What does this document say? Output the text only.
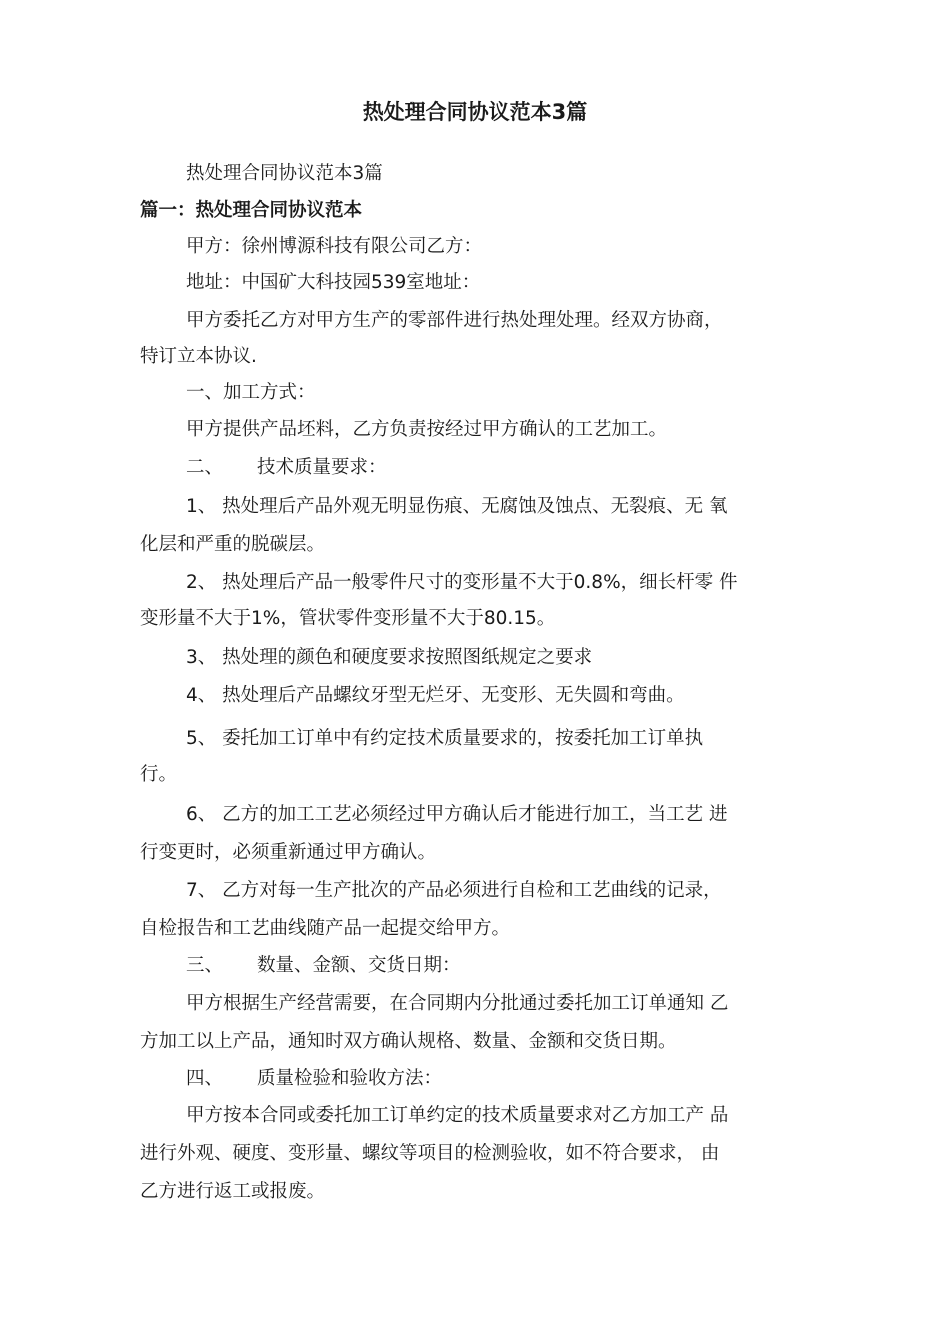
热处理合同协议范本3篇

热处理合同协议范本3篇

篇一：热处理合同协议范本

甲方：徐州博源科技有限公司乙方：

地址：中国矿大科技园539室地址：

甲方委托乙方对甲方生产的零部件进行热处理处理。经双方协商，

特订立本协议.

一、加工方式：

甲方提供产品坯料，乙方负责按经过甲方确认的工艺加工。

二、 技术质量要求：

1、 热处理后产品外观无明显伤痕、无腐蚀及蚀点、无裂痕、无 氧

化层和严重的脱碳层。

2、 热处理后产品一般零件尺寸的变形量不大于0.8%，细长杆零 件

变形量不大于1%，管状零件变形量不大于80.15。

3、 热处理的颜色和硬度要求按照图纸规定之要求

4、 热处理后产品螺纹牙型无烂牙、无变形、无失圆和弯曲。

5、 委托加工订单中有约定技术质量要求的，按委托加工订单执

行。

6、 乙方的加工工艺必须经过甲方确认后才能进行加工，当工艺 进

行变更时，必须重新通过甲方确认。

7、 乙方对每一生产批次的产品必须进行自检和工艺曲线的记录，

自检报告和工艺曲线随产品一起提交给甲方。

三、 数量、金额、交货日期：

甲方根据生产经营需要，在合同期内分批通过委托加工订单通知 乙

方加工以上产品，通知时双方确认规格、数量、金额和交货日期。

四、 质量检验和验收方法：

甲方按本合同或委托加工订单约定的技术质量要求对乙方加工产 品

进行外观、硬度、变形量、螺纹等项目的检测验收，如不符合要求， 由

乙方进行返工或报废。
